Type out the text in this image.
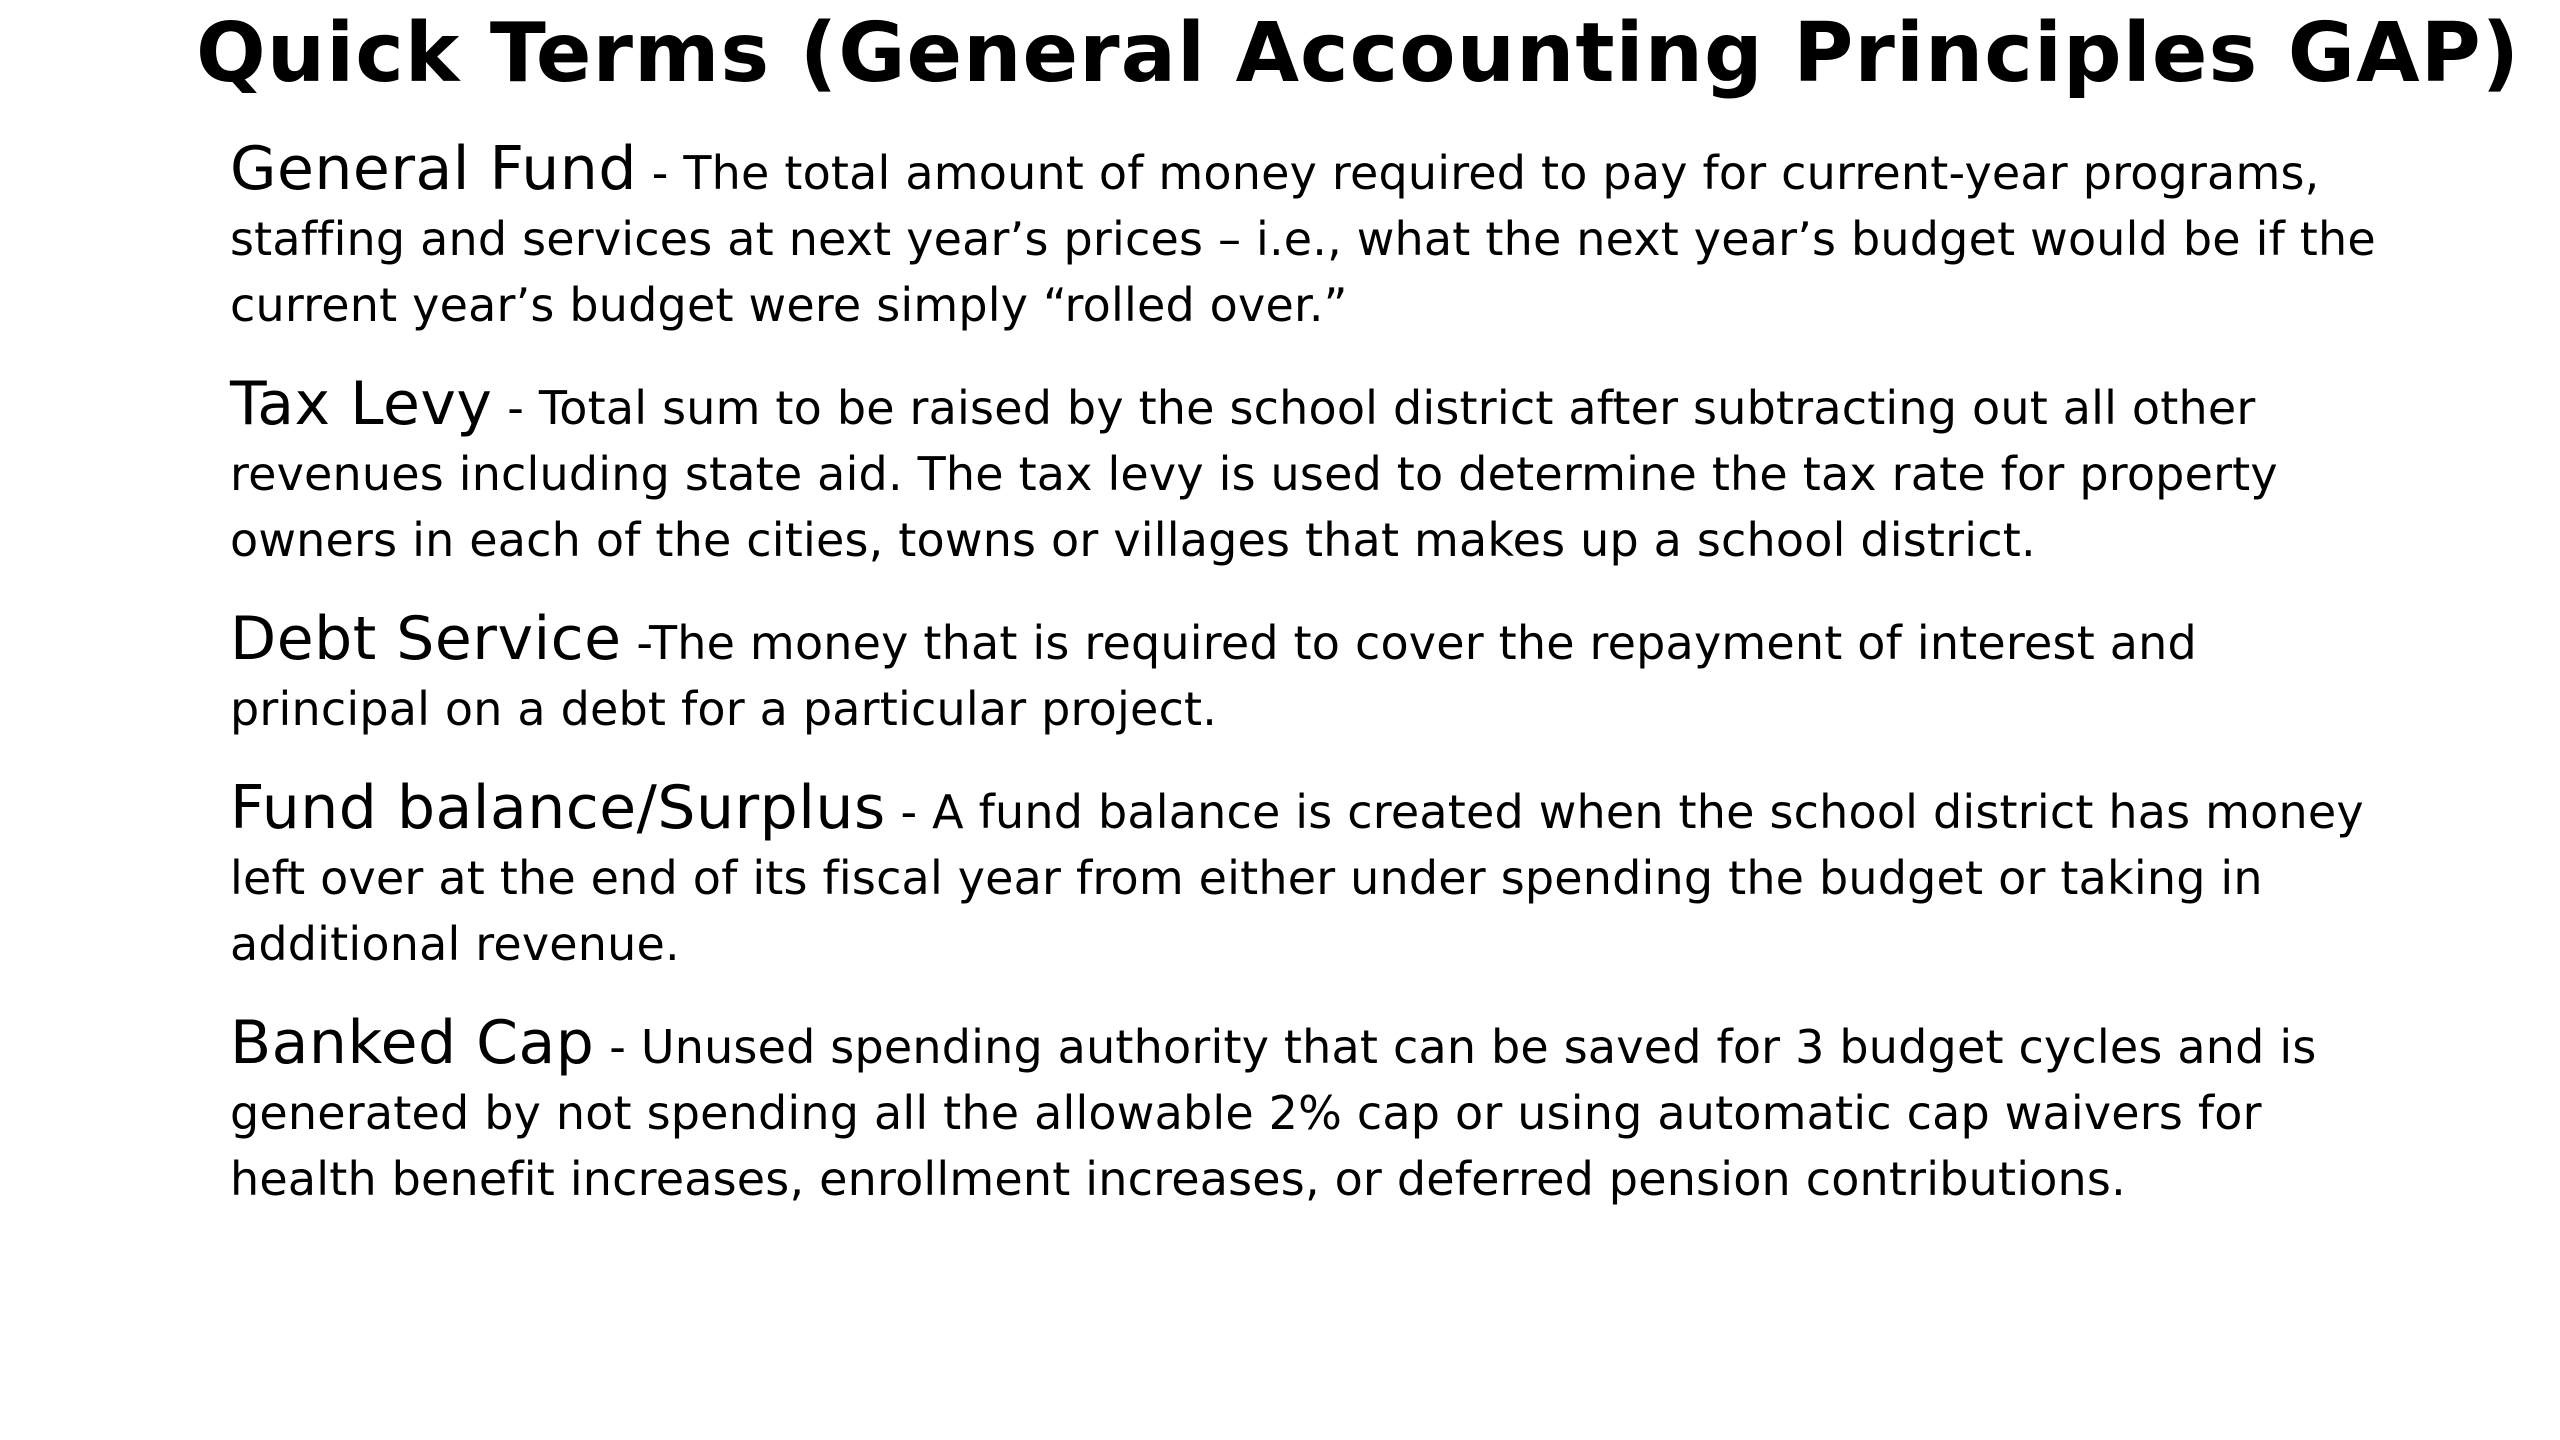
Quick Terms (General Accounting Principles GAP)
General Fund - The total amount of money required to pay for current-year programs, staffing and services at next year’s prices – i.e., what the next year’s budget would be if the current year’s budget were simply “rolled over.”
Tax Levy - Total sum to be raised by the school district after subtracting out all other revenues including state aid. The tax levy is used to determine the tax rate for property owners in each of the cities, towns or villages that makes up a school district.
Debt Service -The money that is required to cover the repayment of interest and principal on a debt for a particular project.
Fund balance/Surplus - A fund balance is created when the school district has money left over at the end of its fiscal year from either under spending the budget or taking in additional revenue.
Banked Cap - Unused spending authority that can be saved for 3 budget cycles and is generated by not spending all the allowable 2% cap or using automatic cap waivers for health benefit increases, enrollment increases, or deferred pension contributions.
